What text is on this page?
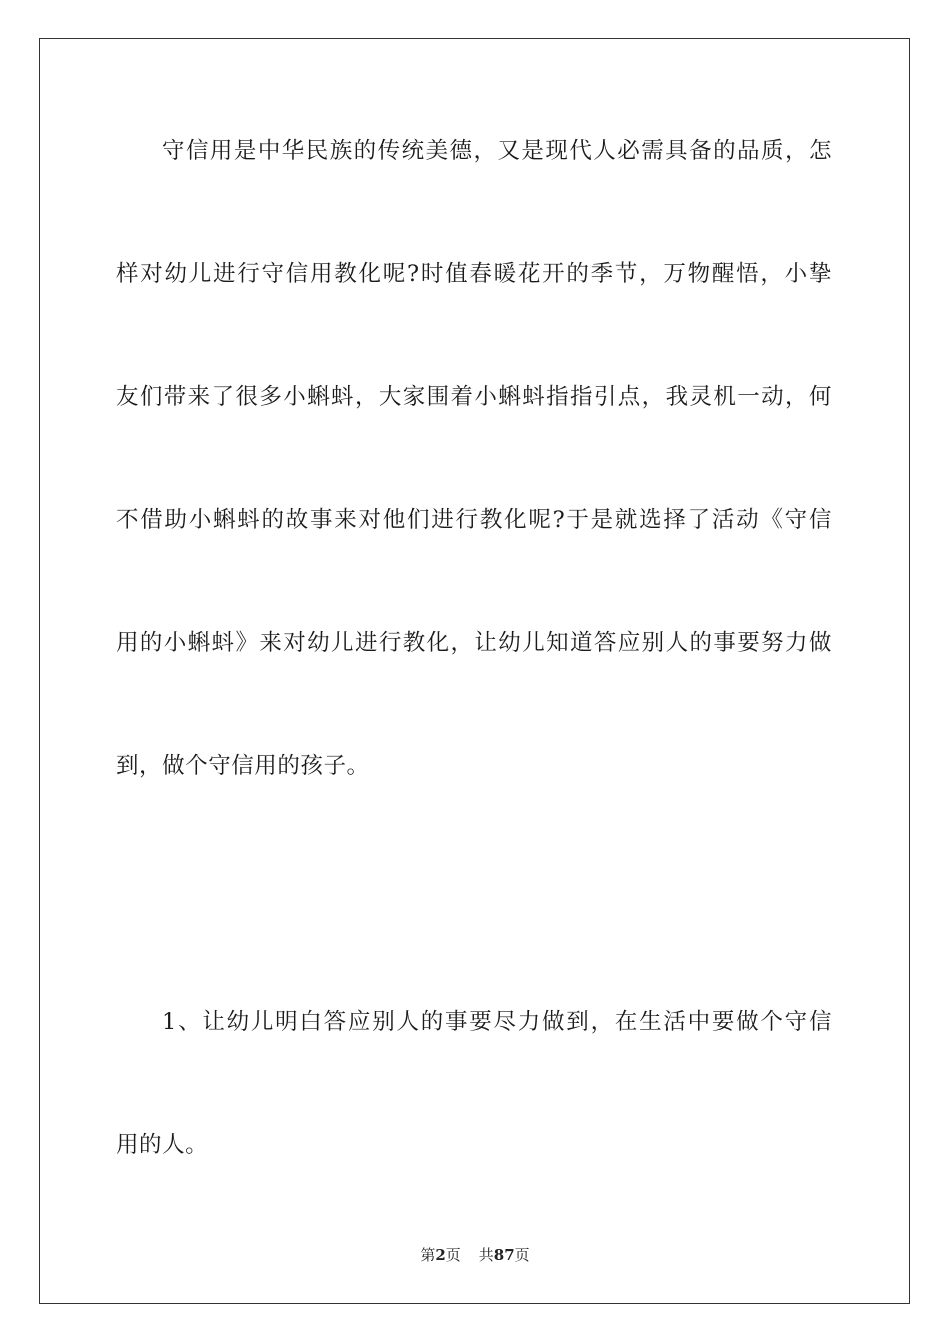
守信用是中华民族的传统美德，又是现代人必需具备的品质，怎
样对幼儿进行守信用教化呢?时值春暖花开的季节，万物醒悟，小挚
友们带来了很多小蝌蚪，大家围着小蝌蚪指指引点，我灵机一动，何
不借助小蝌蚪的故事来对他们进行教化呢?于是就选择了活动《守信
用的小蝌蚪》来对幼儿进行教化，让幼儿知道答应别人的事要努力做
到，做个守信用的孩子。
1、让幼儿明白答应别人的事要尽力做到，在生活中要做个守信
用的人。
第2页 共87页
